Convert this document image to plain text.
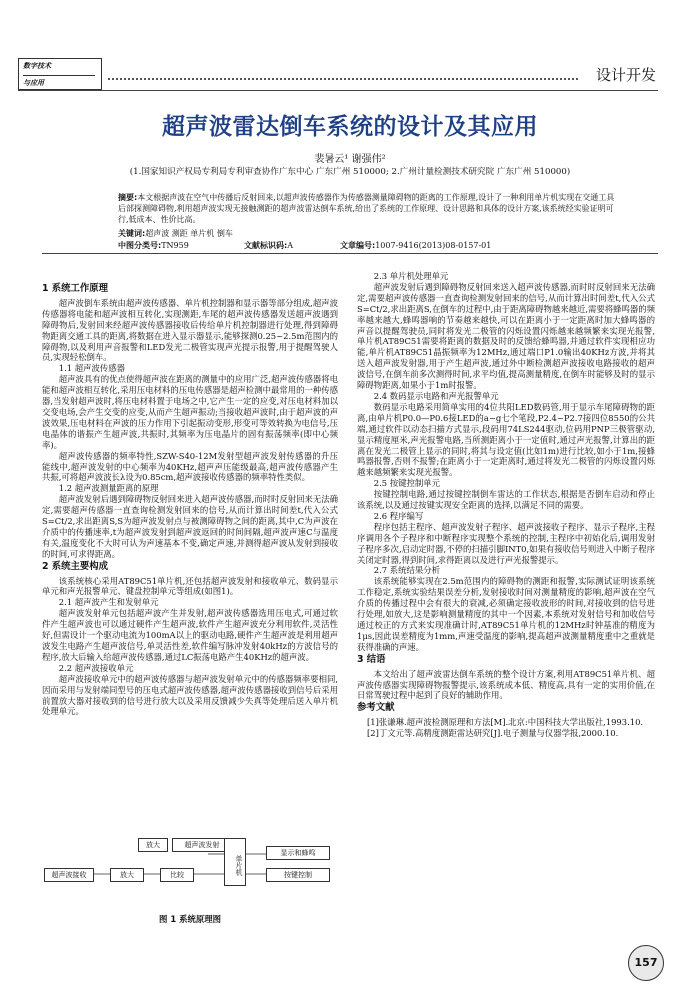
数字技术
与应用	设计开发
超声波雷达倒车系统的设计及其应用
裴暑云¹ 谢强伟²
(1.国家知识产权局专利局专利审查协作广东中心 广东广州 510000; 2.广州计量检测技术研究院 广东广州 510000)
摘要:本文根据声波在空气中传播后反射回来,以超声波传感器作为传感器测量障碍物的距离的工作原理,设计了一种利用单片机实现在交通工具后部探测障碍物,利用超声波实现无接触测距的超声波雷达倒车系统,给出了系统的工作原理、设计思路和具体的设计方案,该系统经实验证明可行,低成本、性价比高。
关键词:超声波 测距 单片机 倒车
中图分类号:TN959	文献标识码:A	文章编号:1007-9416(2013)08-0157-01

1 系统工作原理

超声波倒车系统由超声波传感器、单片机控制器和显示器等部分组成,超声波传感器将电能和超声波相互转化,实现测距,车尾的超声波传感器发送超声波遇到障碍物后,发射回来经超声波传感器接收后传给单片机控制器进行处理,得到障碍物距离交通工具的距离,将数据在进入显示器显示,能够探测0.25~2.5m范围内的障碍物,以及利用声音报警和LED发光二极管实现声光提示报警,用于提醒驾驶人员,实现轻松倒车。

1.1 超声波传感器

超声波具有的优点使得超声波在距离的测量中的应用广泛,超声波传感器将电能和超声波相互转化,采用压电材料的压电传感器是超声检测中最常用的一种传感器,当发射超声波时,将压电材料置于电场之中,它产生一定的应变,对压电材料加以交变电场,会产生交变的应变,从而产生超声振动;当接收超声波时,由于超声波的声波效果,压电材料在声波的压力作用下引起振动变形,形变可等效转换为电信号,压电晶体的谐振产生超声波,共振时,其频率为压电晶片的固有振荡频率(即中心频率)。

超声波传感器的频率特性,SZW-S40-12M发射型超声波发射传感器的升压能线中,超声波发射的中心频率为40KHz,超声声压能级最高,超声波传感器产生共振,可将超声波波长λ设为0.85cm,超声波接收传感器的频率特性类似。

1.2 超声波测量距离的原理

超声波发射后遇到障碍物反射回来进入超声波传感器,而时时反射回来无法确定,需要超声传感器一直查询检测发射回来的信号,从而计算出时间差t,代入公式S=Ct/2,求出距离S,S为超声波发射点与被测障碍物之间的距离,其中,C为声波在介质中的传播速率,t为超声波发射到超声波返回的时间间隔,超声波声速C与温度有关,温度变化不大时可认为声速基本不变,确定声速,并测得超声波从发射到接收的时间,可求得距离。

2 系统主要构成

该系统核心采用AT89C51单片机,还包括超声波发射和接收单元、数码显示单元和声光报警单元、键盘控制单元等组成(如图1)。

2.1 超声波产生和发射单元

超声波发射单元包括超声波产生并发射,超声波传感器选用压电式,可通过软件产生超声波也可以通过硬件产生超声波,软件产生超声波充分利用软件,灵活性好,但需设计一个驱动电流为100mA以上的驱动电路,硬件产生超声波是利用超声波发生电路产生超声波信号,单灵活性差,软件编写脉冲发射40kHz的方波信号的程序,放大后输入给超声波传感器,通过LC振荡电路产生40KHz的超声波。

2.2 超声波接收单元

超声波接收单元中的超声波传感器与超声波发射单元中的传感器频率要相同,因而采用与发射端同型号的压电式超声波传感器,超声波传感器接收到信号后采用前置放大器对接收到的信号进行放大以及采用反馈减少失真等处理后送入单片机处理单元。

超声波发射
单片机
显示和蜂鸣
按键控制
超声波接收	放大	比较
放大
图 1 系统原理图

2.3 单片机处理单元

超声波发射后遇到障碍物反射回来送入超声波传感器,而时时反射回来无法确定,需要超声波传感器一直查询检测发射回来的信号,从而计算出时间差t,代入公式S=Ct/2,求出距离S,在倒车的过程中,由于距离障碍物越来越近,需要将蜂鸣器的频率越来越大,蜂鸣器响的节奏越来越快,可以在距离小于一定距离时加大蜂鸣器的声音以提醒驾驶员,同时将发光二极管的闪烁设置闪烁越来越频繁来实现光报警,单片机AT89C51需要将距离的数据及时的反馈给蜂鸣器,并通过软件实现相应功能,单片机AT89C51晶振频率为12MHz,通过端口P1.0输出40KHz方波,并将其送入超声波发射器,用于产生超声波,通过外中断检测超声波接收电路接收的超声波信号,在倒车前多次测得时间,求平均值,提高测量精度,在倒车时能够及时的显示障碍物距离,如果小于1m时报警。

2.4 数码显示电路和声光报警单元

数码显示电路采用简单实用的4位共阳LED数码管,用于显示车尾障碍物的距离,由单片机P0.0—P0.6接LED的a~g七个笔段,P2.4~P2.7接四位8550的公共端,通过软件以动态扫描方式显示,段码用74LS244驱动,位码用PNP三极管驱动,显示精度厘米,声光报警电路,当所测距离小于一定值时,通过声光报警,计算出的距离在发光二极管上显示的同时,将其与设定值(比如1m)进行比较,如小于1m,接蜂鸣器报警,否则不报警;在距离小于一定距离时,通过将发光二极管的闪烁设置闪烁越来越频繁来实现光报警。

2.5 按键控制单元

按键控制电路,通过按键控制倒车雷达的工作状态,根据是否倒车启动和停止该系统,以及通过按键实现安全距离的选择,以满足不同的需要。

2.6 程序编写

程序包括主程序、超声波发射子程序、超声波接收子程序、显示子程序,主程序调用各个子程序和中断程序实现整个系统的控制,主程序中初始化后,调用发射子程序多次,启动定时器,不停的扫描引脚INT0,如果有接收信号则进入中断子程序关闭定时器,得到时间,求得距离以及进行声光报警提示。

2.7 系统结果分析

该系统能够实现在2.5m范围内的障碍物的测距和报警,实际测试证明该系统工作稳定,系统实验结果误差分析,发射接收时间对测量精度的影响,超声波在空气介质的传播过程中会有很大的衰减,必须确定接收波形的时间,对接收到的信号进行处理,如放大,这是影响测量精度的其中一个因素,本系统对发射信号和加收信号通过校正的方式来实现准确计时,AT89C51单片机的12MHz时钟基准的精度为1μs,因此误差精度为1mm,声速受温度的影响,提高超声波测量精度重中之重就是获得准确的声速。

3 结语

本文给出了超声波雷达倒车系统的整个设计方案,利用AT89C51单片机、超声波传感器实现障碍物报警提示,该系统成本低、精度高,具有一定的实用价值,在日常驾驶过程中起到了良好的辅助作用。

参考文献

[1]张谦琳.超声波检测原理和方法[M].北京:中国科技大学出版社,1993.10.

[2]丁文元等.高精度测距雷达研究[J].电子测量与仪器学报,2000.10.

157
